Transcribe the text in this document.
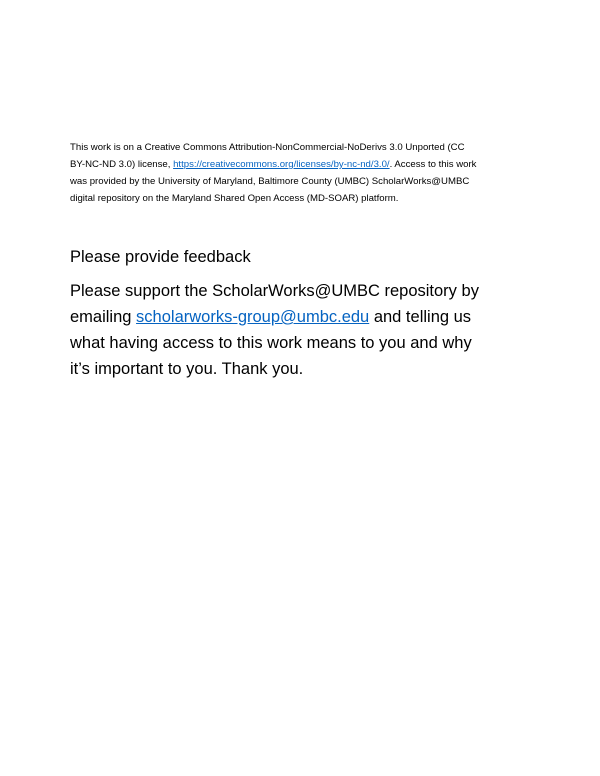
This work is on a Creative Commons Attribution-NonCommercial-NoDerivs 3.0 Unported (CC
BY-NC-ND 3.0) license, https://creativecommons.org/licenses/by-nc-nd/3.0/. Access to this work
was provided by the University of Maryland, Baltimore County (UMBC) ScholarWorks@UMBC
digital repository on the Maryland Shared Open Access (MD-SOAR) platform.

Please provide feedback

Please support the ScholarWorks@UMBC repository by
emailing scholarworks-group@umbc.edu and telling us
what having access to this work means to you and why
it’s important to you. Thank you.
